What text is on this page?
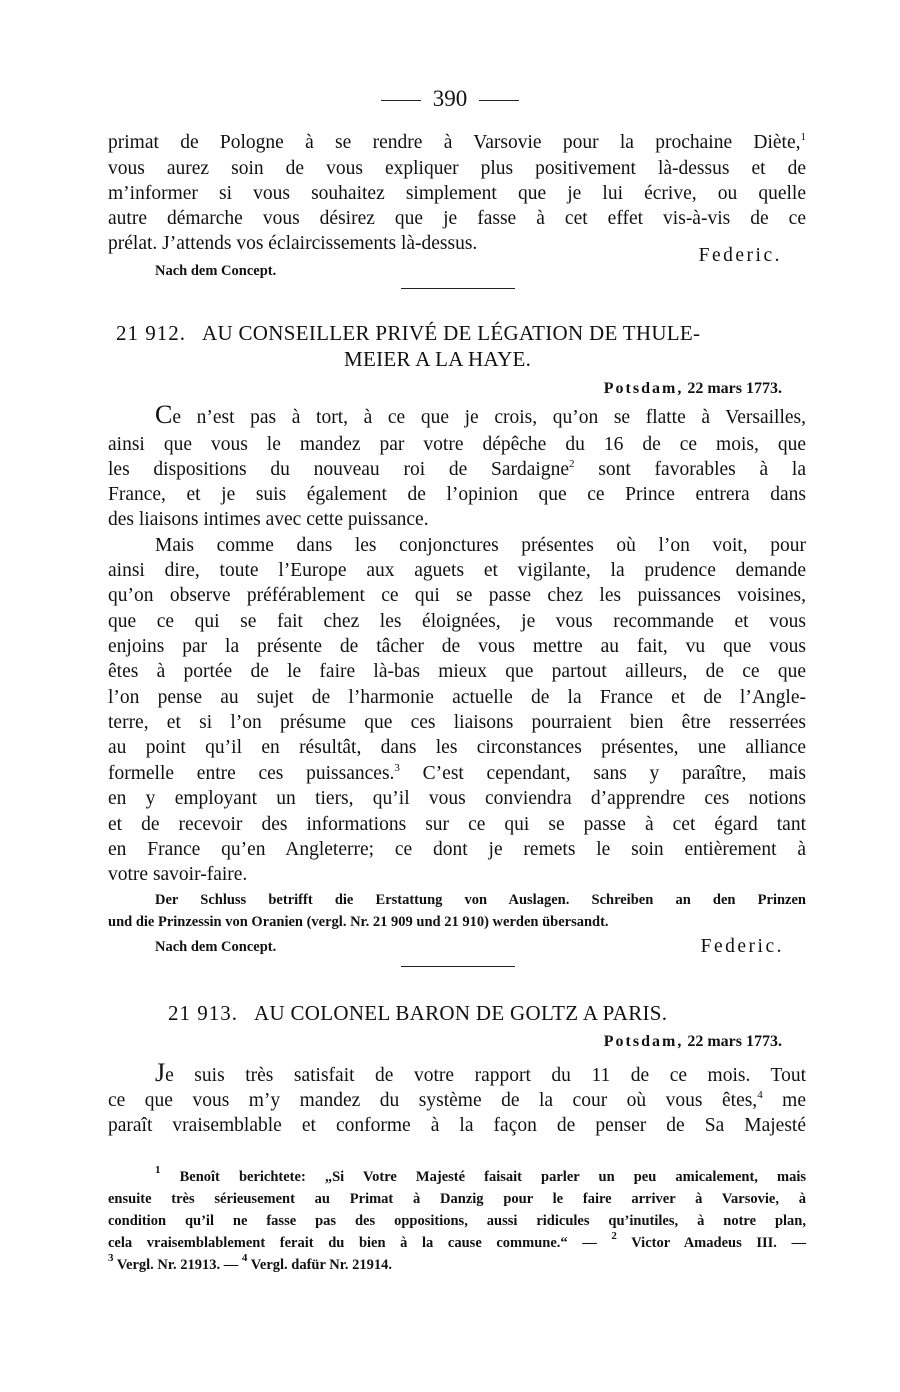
390
primat de Pologne à se rendre à Varsovie pour la prochaine Diète,$^1$
vous aurez soin de vous expliquer plus positivement là-dessus et de
m’informer si vous souhaitez simplement que je lui écrive, ou quelle
autre démarche vous désirez que je fasse à cet effet vis-à-vis de ce
prélat. J’attends vos éclaircissements là-dessus.
Federic.
Nach dem Concept.
21 912. AU CONSEILLER PRIVÉ DE LÉGATION DE THULE-
MEIER A LA HAYE.
Potsdam, 22 mars 1773.
Ce n’est pas à tort, à ce que je crois, qu’on se flatte à Versailles,
ainsi que vous le mandez par votre dépêche du 16 de ce mois, que
les dispositions du nouveau roi de Sardaigne$^2$ sont favorables à la
France, et je suis également de l’opinion que ce Prince entrera dans
des liaisons intimes avec cette puissance.
Mais comme dans les conjonctures présentes où l’on voit, pour
ainsi dire, toute l’Europe aux aguets et vigilante, la prudence demande
qu’on observe préférablement ce qui se passe chez les puissances voisines,
que ce qui se fait chez les éloignées, je vous recommande et vous
enjoins par la présente de tâcher de vous mettre au fait, vu que vous
êtes à portée de le faire là-bas mieux que partout ailleurs, de ce que
l’on pense au sujet de l’harmonie actuelle de la France et de l’Angle-
terre, et si l’on présume que ces liaisons pourraient bien être resserrées
au point qu’il en résultât, dans les circonstances présentes, une alliance
formelle entre ces puissances.$^3$ C’est cependant, sans y paraître, mais
en y employant un tiers, qu’il vous conviendra d’apprendre ces notions
et de recevoir des informations sur ce qui se passe à cet égard tant
en France qu’en Angleterre; ce dont je remets le soin entièrement à
votre savoir-faire.
Der Schluss betrifft die Erstattung von Auslagen. Schreiben an den Prinzen
und die Prinzessin von Oranien (vergl. Nr. 21 909 und 21 910) werden übersandt.
Nach dem Concept.	Federic.
21 913. AU COLONEL BARON DE GOLTZ A PARIS.
Potsdam, 22 mars 1773.
Je suis très satisfait de votre rapport du 11 de ce mois. Tout
ce que vous m’y mandez du système de la cour où vous êtes,$^4$ me
paraît vraisemblable et conforme à la façon de penser de Sa Majesté
$^1$ Benoît berichtete: „Si Votre Majesté faisait parler un peu amicalement, mais
ensuite très sérieusement au Primat à Danzig pour le faire arriver à Varsovie, à
condition qu’il ne fasse pas des oppositions, aussi ridicules qu’inutiles, à notre plan,
cela vraisemblablement ferait du bien à la cause commune.“ — $^2$ Victor Amadeus III. —
$^3$ Vergl. Nr. 21913. — $^4$ Vergl. dafür Nr. 21914.
